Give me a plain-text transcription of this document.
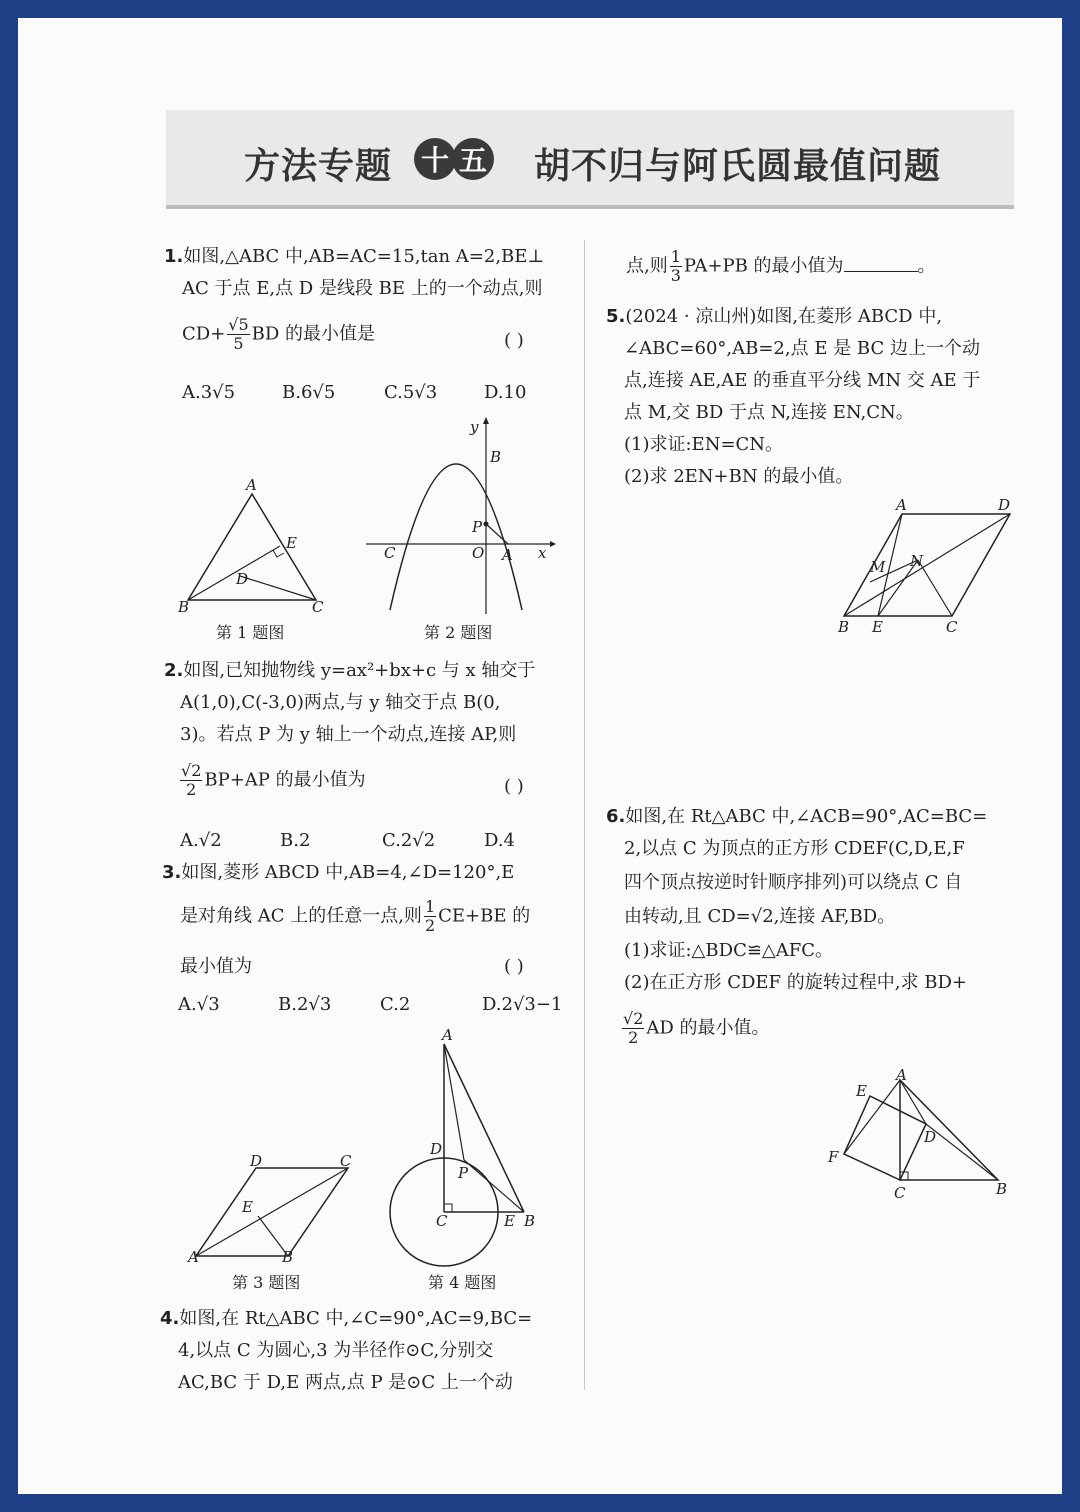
方法专题 十 五 胡不归与阿氏圆最值问题
1.如图,△ABC 中,AB=AC=15,tan A=2,BE⊥
AC 于点 E,点 D 是线段 BE 上的一个动点,则
$CD+ \frac{√5}{5}$ BD 的最小值是	( )
A.3√5	B.6√5	C.5√3	D.10
A
E
D
B	C
第 1 题图
y
B
P
C	O A x
第 2 题图
2.如图,已知抛物线 y=ax²+bx+c 与 x 轴交于
A(1,0),C(-3,0)两点,与 y 轴交于点 B(0,
3)。若点 P 为 y 轴上一个动点,连接 AP,则
$\frac{√2}{2} BP+AP$ 的最小值为	( )
A.√2	B.2	C.2√2	D.4
3.如图,菱形 ABCD 中,AB=4,∠D=120°,E
是对角线 AC 上的任意一点,则 $\frac{1}{2} CE+BE$ 的
最小值为	( )
A.√3	B.2√3	C.2	D.2√3−1
D	C
E
A	B
第 3 题图
A
D
P
C	E B
第 4 题图
4.如图,在 Rt△ABC 中,∠C=90°,AC=9,BC=
4,以点 C 为圆心,3 为半径作⊙C,分别交
AC,BC 于 D,E 两点,点 P 是⊙C 上一个动
点,则 $\frac{1}{3} PA+PB$ 的最小值为	。
5.(2024 · 凉山州)如图,在菱形 ABCD 中,
∠ABC=60°,AB=2,点 E 是 BC 边上一个动
点,连接 AE,AE 的垂直平分线 MN 交 AE 于
点 M,交 BD 于点 N,连接 EN,CN。
(1)求证:EN=CN。
(2)求 2EN+BN 的最小值。
A	D
M N
B E	C
6.如图,在 Rt△ABC 中,∠ACB=90°,AC=BC=
2,以点 C 为顶点的正方形 CDEF(C,D,E,F
四个顶点按逆时针顺序排列)可以绕点 C 自
由转动,且 CD=√2,连接 AF,BD。
(1)求证:△BDC≌△AFC。
(2)在正方形 CDEF 的旋转过程中,求 BD+
$\frac{√2}{2}$ AD 的最小值。
E
A
D
F
C	B
